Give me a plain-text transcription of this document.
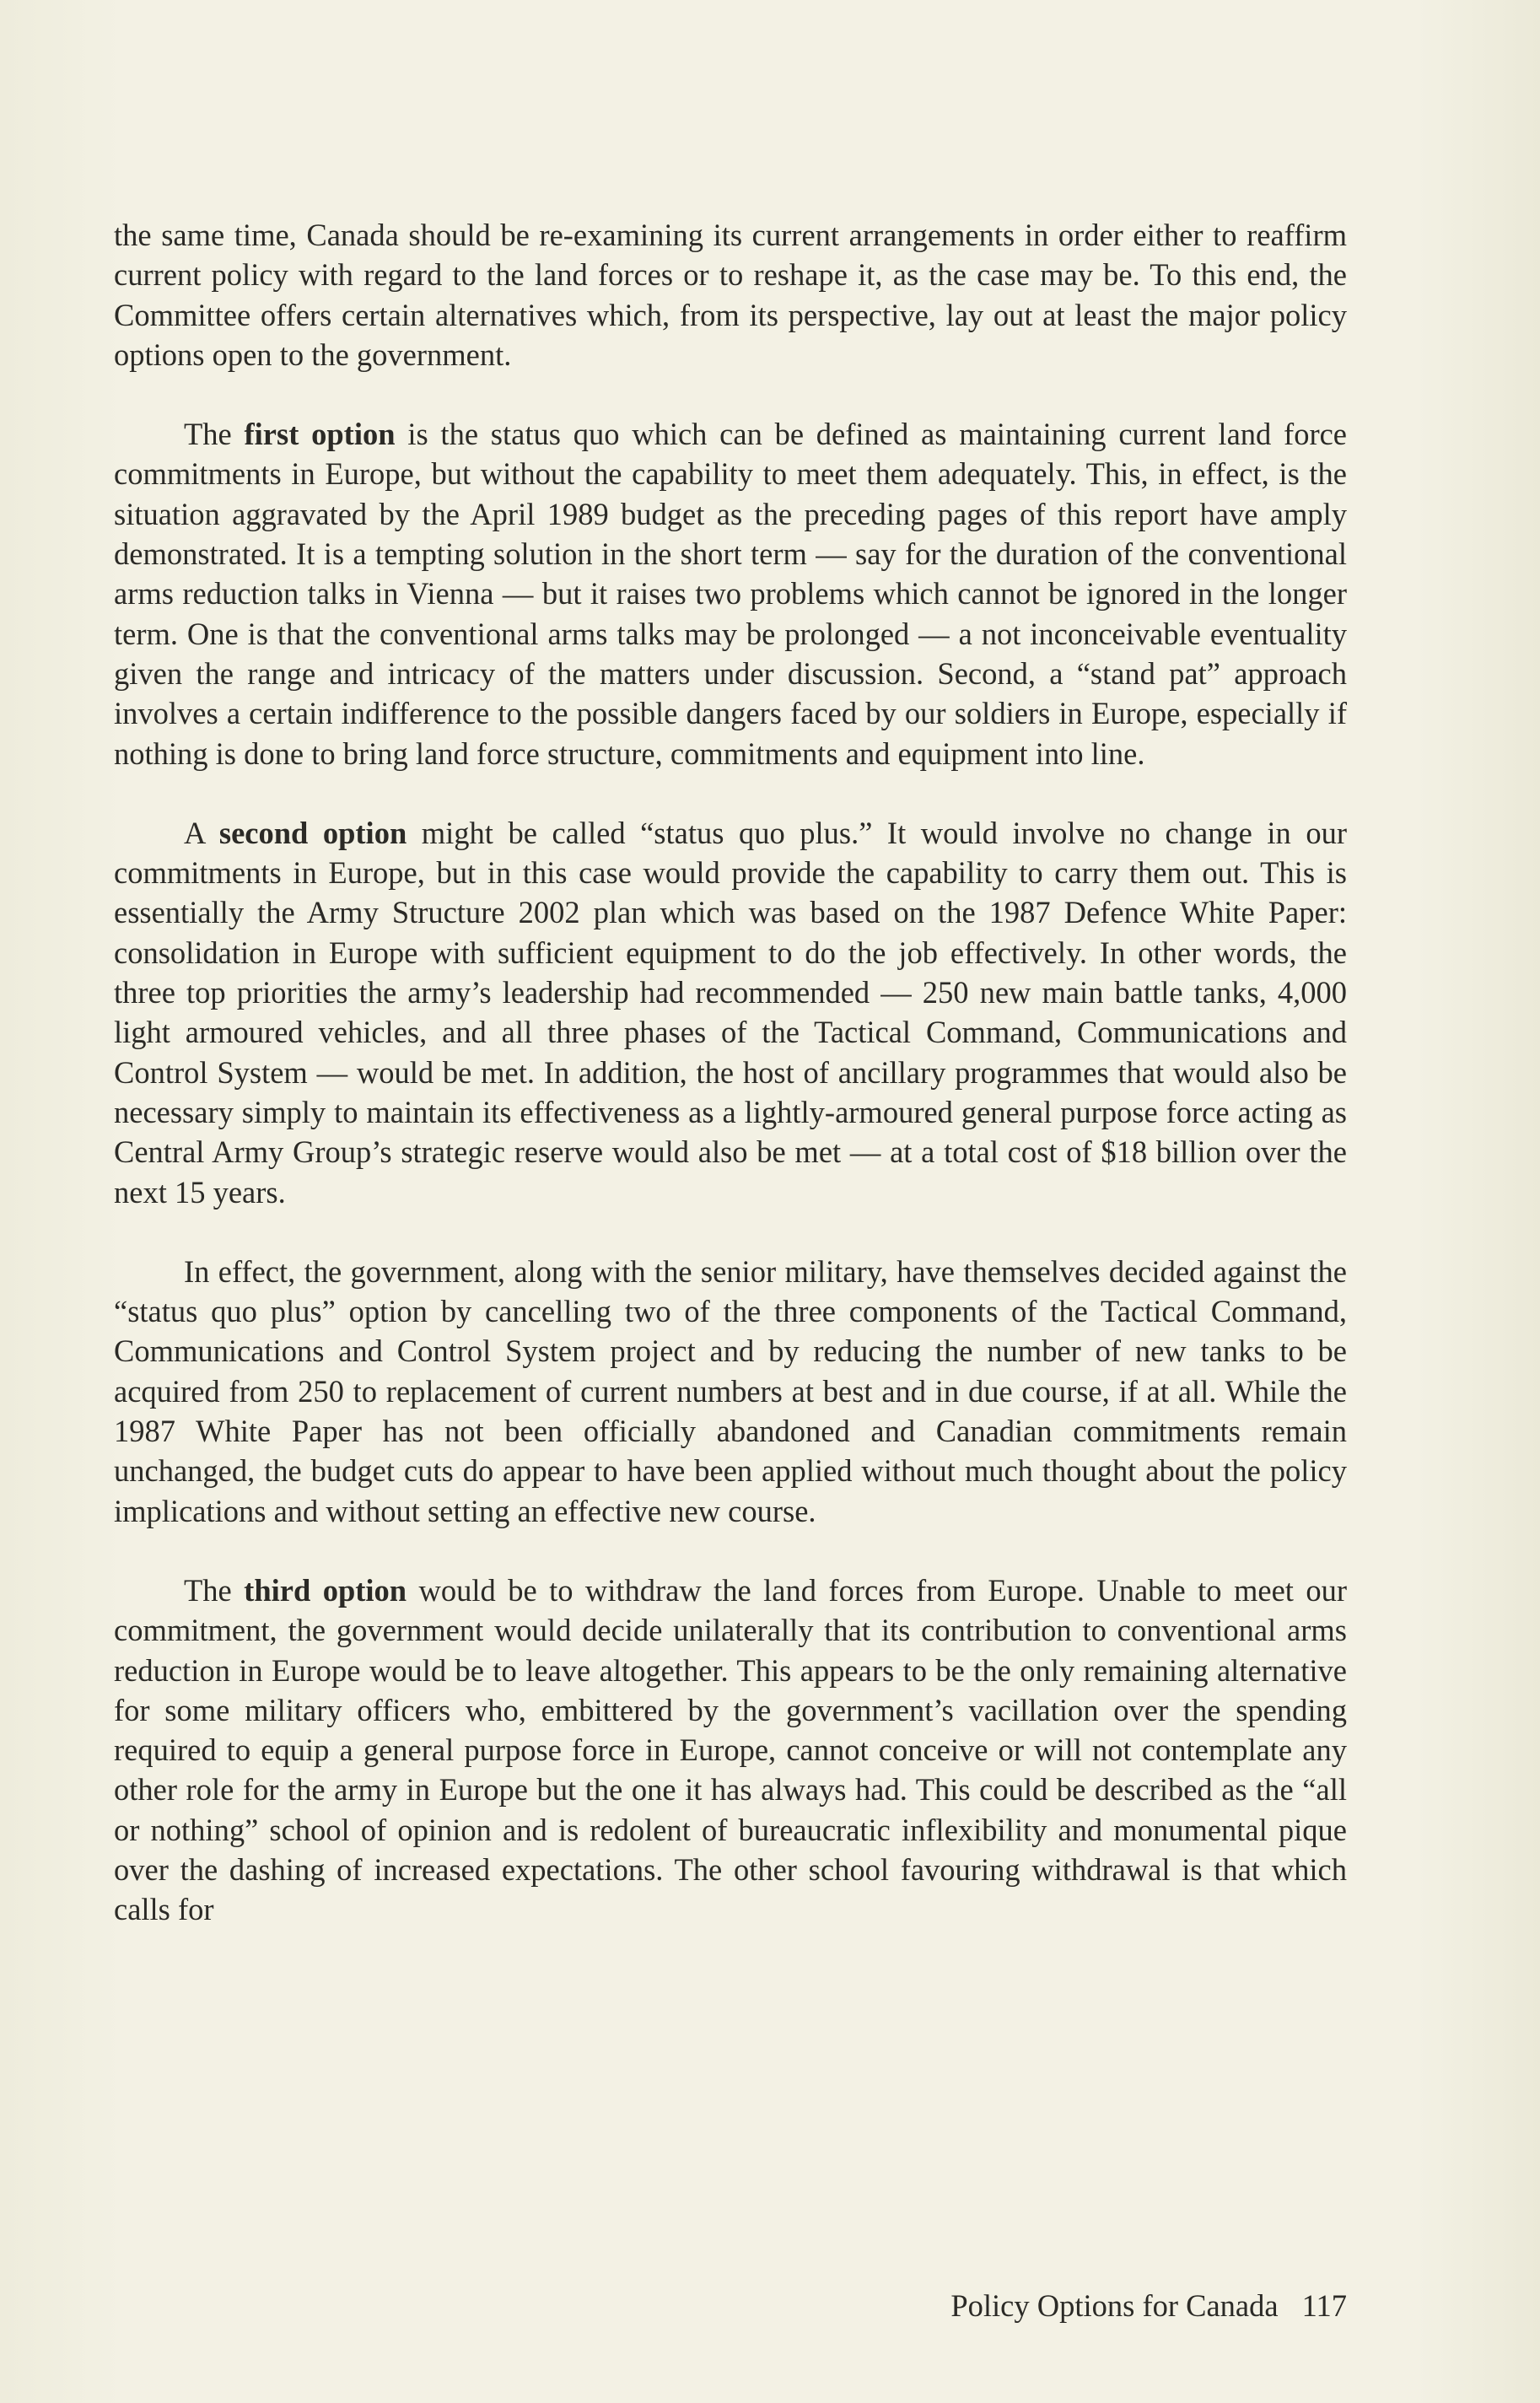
the same time, Canada should be re-examining its current arrangements in order either to reaffirm current policy with regard to the land forces or to reshape it, as the case may be. To this end, the Committee offers certain alternatives which, from its perspective, lay out at least the major policy options open to the government.

The first option is the status quo which can be defined as maintaining current land force commitments in Europe, but without the capability to meet them adequately. This, in effect, is the situation aggravated by the April 1989 budget as the preceding pages of this report have amply demonstrated. It is a tempting solution in the short term — say for the duration of the conventional arms reduction talks in Vienna — but it raises two problems which cannot be ignored in the longer term. One is that the conventional arms talks may be prolonged — a not inconceivable eventuality given the range and intricacy of the matters under discussion. Second, a “stand pat” approach involves a certain indifference to the possible dangers faced by our soldiers in Europe, especially if nothing is done to bring land force structure, commitments and equipment into line.

A second option might be called “status quo plus.” It would involve no change in our commitments in Europe, but in this case would provide the capability to carry them out. This is essentially the Army Structure 2002 plan which was based on the 1987 Defence White Paper: consolidation in Europe with sufficient equipment to do the job effectively. In other words, the three top priorities the army’s leadership had recommended — 250 new main battle tanks, 4,000 light armoured vehicles, and all three phases of the Tactical Command, Communications and Control System — would be met. In addition, the host of ancillary programmes that would also be necessary simply to maintain its effectiveness as a lightly-armoured general purpose force acting as Central Army Group’s strategic reserve would also be met — at a total cost of $18 billion over the next 15 years.

In effect, the government, along with the senior military, have themselves decided against the “status quo plus” option by cancelling two of the three components of the Tactical Command, Communications and Control System project and by reducing the number of new tanks to be acquired from 250 to replacement of current numbers at best and in due course, if at all. While the 1987 White Paper has not been officially abandoned and Canadian commitments remain unchanged, the budget cuts do appear to have been applied without much thought about the policy implications and without setting an effective new course.

The third option would be to withdraw the land forces from Europe. Unable to meet our commitment, the government would decide unilaterally that its contribution to conventional arms reduction in Europe would be to leave altogether. This appears to be the only remaining alternative for some military officers who, embittered by the government’s vacillation over the spending required to equip a general purpose force in Europe, cannot conceive or will not contemplate any other role for the army in Europe but the one it has always had. This could be described as the “all or nothing” school of opinion and is redolent of bureaucratic inflexibility and monumental pique over the dashing of increased expectations. The other school favouring withdrawal is that which calls for

Policy Options for Canada 117
